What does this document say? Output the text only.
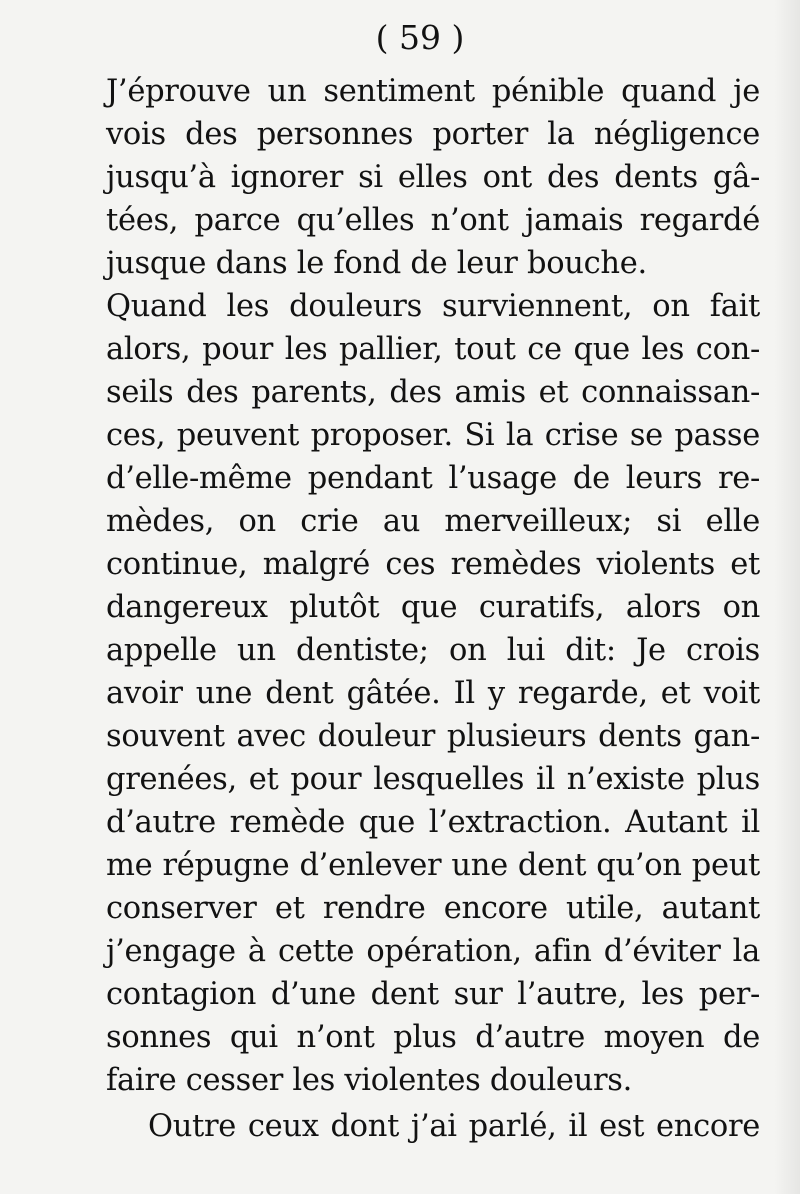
( 59 )
J’éprouve un sentiment pénible quand je
vois des personnes porter la négligence
jusqu’à ignorer si elles ont des dents gâ-
tées, parce qu’elles n’ont jamais regardé
jusque dans le fond de leur bouche.
Quand les douleurs surviennent, on fait
alors, pour les pallier, tout ce que les con-
seils des parents, des amis et connaissan-
ces, peuvent proposer. Si la crise se passe
d’elle-même pendant l’usage de leurs re-
mèdes, on crie au merveilleux; si elle
continue, malgré ces remèdes violents et
dangereux plutôt que curatifs, alors on
appelle un dentiste; on lui dit: Je crois
avoir une dent gâtée. Il y regarde, et voit
souvent avec douleur plusieurs dents gan-
grenées, et pour lesquelles il n’existe plus
d’autre remède que l’extraction. Autant il
me répugne d’enlever une dent qu’on peut
conserver et rendre encore utile, autant
j’engage à cette opération, afin d’éviter la
contagion d’une dent sur l’autre, les per-
sonnes qui n’ont plus d’autre moyen de
faire cesser les violentes douleurs.
Outre ceux dont j’ai parlé, il est encore
